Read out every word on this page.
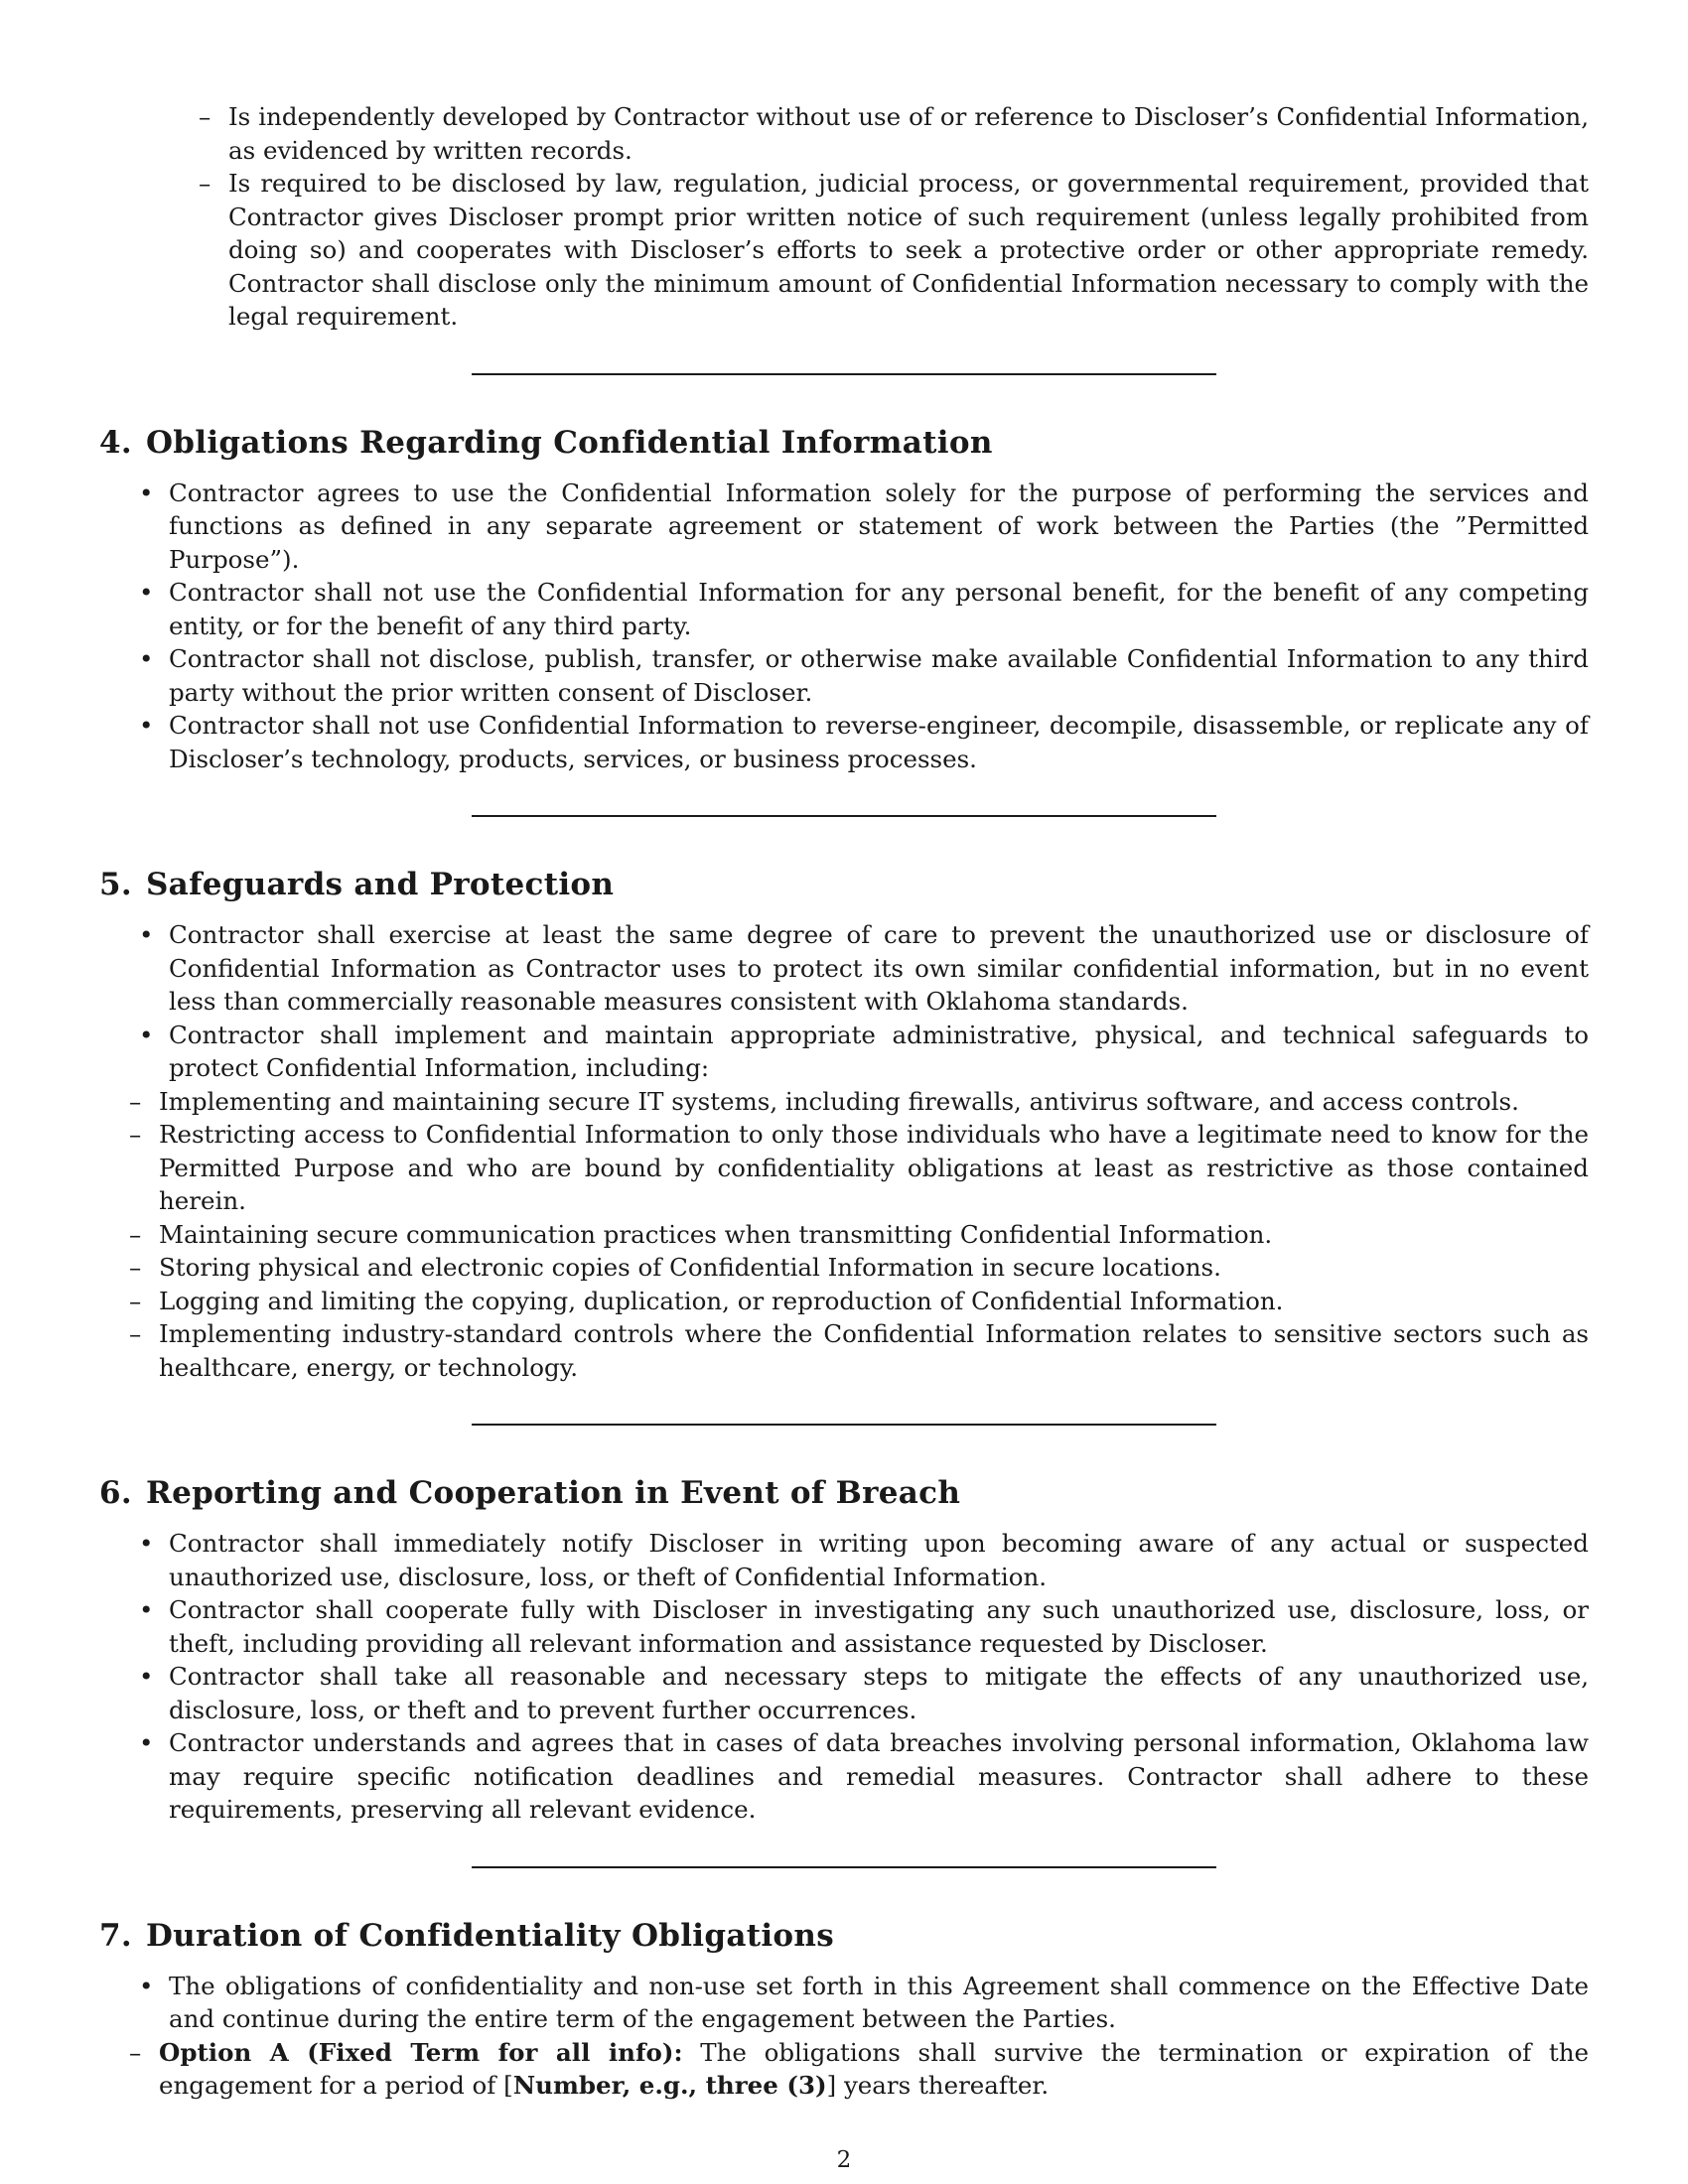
– Is independently developed by Contractor without use of or reference to Discloser’s Confidential Information, as evidenced by written records.
– Is required to be disclosed by law, regulation, judicial process, or governmental requirement, provided that Contractor gives Discloser prompt prior written notice of such requirement (unless legally prohibited from doing so) and cooperates with Discloser’s efforts to seek a protective order or other appropriate remedy. Contractor shall disclose only the minimum amount of Confidential Information necessary to comply with the legal requirement.
4. Obligations Regarding Confidential Information
• Contractor agrees to use the Confidential Information solely for the purpose of performing the services and functions as defined in any separate agreement or statement of work between the Parties (the ”Permitted Purpose”).
• Contractor shall not use the Confidential Information for any personal benefit, for the benefit of any competing entity, or for the benefit of any third party.
• Contractor shall not disclose, publish, transfer, or otherwise make available Confidential Information to any third party without the prior written consent of Discloser.
• Contractor shall not use Confidential Information to reverse-engineer, decompile, disassemble, or replicate any of Discloser’s technology, products, services, or business processes.
5. Safeguards and Protection
• Contractor shall exercise at least the same degree of care to prevent the unauthorized use or disclosure of Confidential Information as Contractor uses to protect its own similar confidential information, but in no event less than commercially reasonable measures consistent with Oklahoma standards.
• Contractor shall implement and maintain appropriate administrative, physical, and technical safeguards to protect Confidential Information, including:
– Implementing and maintaining secure IT systems, including firewalls, antivirus software, and access controls.
– Restricting access to Confidential Information to only those individuals who have a legitimate need to know for the Permitted Purpose and who are bound by confidentiality obligations at least as restrictive as those contained herein.
– Maintaining secure communication practices when transmitting Confidential Information.
– Storing physical and electronic copies of Confidential Information in secure locations.
– Logging and limiting the copying, duplication, or reproduction of Confidential Information.
– Implementing industry-standard controls where the Confidential Information relates to sensitive sectors such as healthcare, energy, or technology.
6. Reporting and Cooperation in Event of Breach
• Contractor shall immediately notify Discloser in writing upon becoming aware of any actual or suspected unauthorized use, disclosure, loss, or theft of Confidential Information.
• Contractor shall cooperate fully with Discloser in investigating any such unauthorized use, disclosure, loss, or theft, including providing all relevant information and assistance requested by Discloser.
• Contractor shall take all reasonable and necessary steps to mitigate the effects of any unauthorized use, disclosure, loss, or theft and to prevent further occurrences.
• Contractor understands and agrees that in cases of data breaches involving personal information, Oklahoma law may require specific notification deadlines and remedial measures. Contractor shall adhere to these requirements, preserving all relevant evidence.
7. Duration of Confidentiality Obligations
• The obligations of confidentiality and non-use set forth in this Agreement shall commence on the Effective Date and continue during the entire term of the engagement between the Parties.
– Option A (Fixed Term for all info): The obligations shall survive the termination or expiration of the engagement for a period of [Number, e.g., three (3)] years thereafter.
2
